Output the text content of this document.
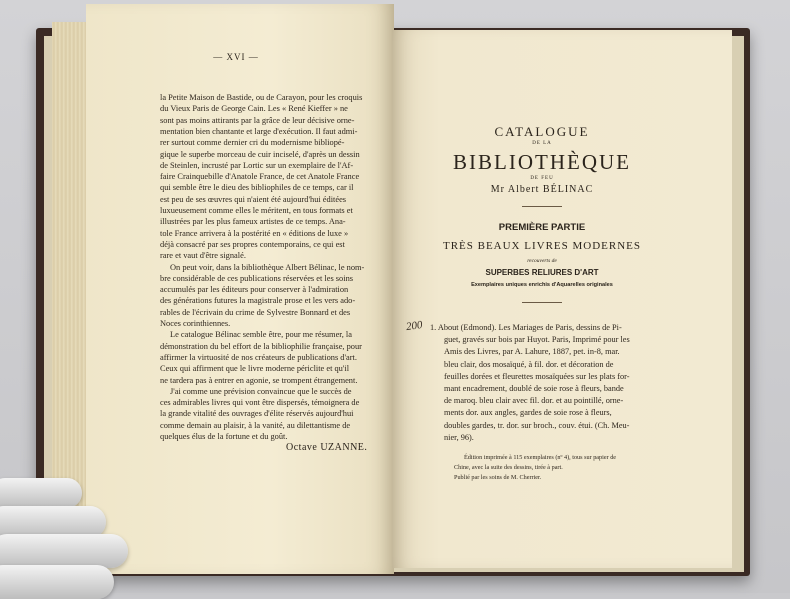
— XVI —
la Petite Maison de Bastide, ou de Carayon, pour les croquis
du Vieux Paris de George Cain. Les « René Kieffer » ne
sont pas moins attirants par la grâce de leur décisive orne-
mentation bien chantante et large d'exécution. Il faut admi-
rer surtout comme dernier cri du modernisme bibliopé-
gique le superbe morceau de cuir inciselé, d'après un dessin
de Steinlen, incrusté par Lortic sur un exemplaire de l'Af-
faire Crainquebille d'Anatole France, de cet Anatole France
qui semble être le dieu des bibliophiles de ce temps, car il
est peu de ses œuvres qui n'aient été aujourd'hui éditées
luxueusement comme elles le méritent, en tous formats et
illustrées par les plus fameux artistes de ce temps. Ana-
tole France arrivera à la postérité en « éditions de luxe »
déjà consacré par ses propres contemporains, ce qui est
rare et vaut d'être signalé.
On peut voir, dans la bibliothèque Albert Bélinac, le nom-
bre considérable de ces publications réservées et les soins
accumulés par les éditeurs pour conserver à l'admiration
des générations futures la magistrale prose et les vers ado-
rables de l'écrivain du crime de Sylvestre Bonnard et des
Noces corinthiennes.
Le catalogue Bélinac semble être, pour me résumer, la
démonstration du bel effort de la bibliophilie française, pour
affirmer la virtuosité de nos créateurs de publications d'art.
Ceux qui affirment que le livre moderne périclite et qu'il
ne tardera pas à entrer en agonie, se trompent étrangement.
J'ai comme une prévision convaincue que le succès de
ces admirables livres qui vont être dispersés, témoignera de
la grande vitalité des ouvrages d'élite réservés aujourd'hui
comme demain au plaisir, à la vanité, au dilettantisme de
quelques élus de la fortune et du goût.
Octave UZANNE.
CATALOGUE
DE LA
BIBLIOTHÈQUE
DE FEU
Mr Albert BÉLINAC
PREMIÈRE PARTIE
TRÈS BEAUX LIVRES MODERNES
recouverts de
SUPERBES RELIURES D'ART
Exemplaires uniques enrichis d'Aquarelles originales
200 1. About (Edmond). Les Mariages de Paris, dessins de Pi-
guet, gravés sur bois par Huyot. Paris, Imprimé pour les
Amis des Livres, par A. Lahure, 1887, pet. in-8, mar.
bleu clair, dos mosaïqué, à fil. dor. et décoration de
feuilles dorées et fleurettes mosaïquées sur les plats for-
mant encadrement, doublé de soie rose à fleurs, bande
de maroq. bleu clair avec fil. dor. et au pointillé, orne-
ments dor. aux angles, gardes de soie rose à fleurs,
doubles gardes, tr. dor. sur broch., couv. étui. (Ch. Meu-
nier, 96).
Édition imprimée à 115 exemplaires (nº 4), tous sur papier de
Chine, avec la suite des dessins, tirée à part.
Publié par les soins de M. Cherrier.
